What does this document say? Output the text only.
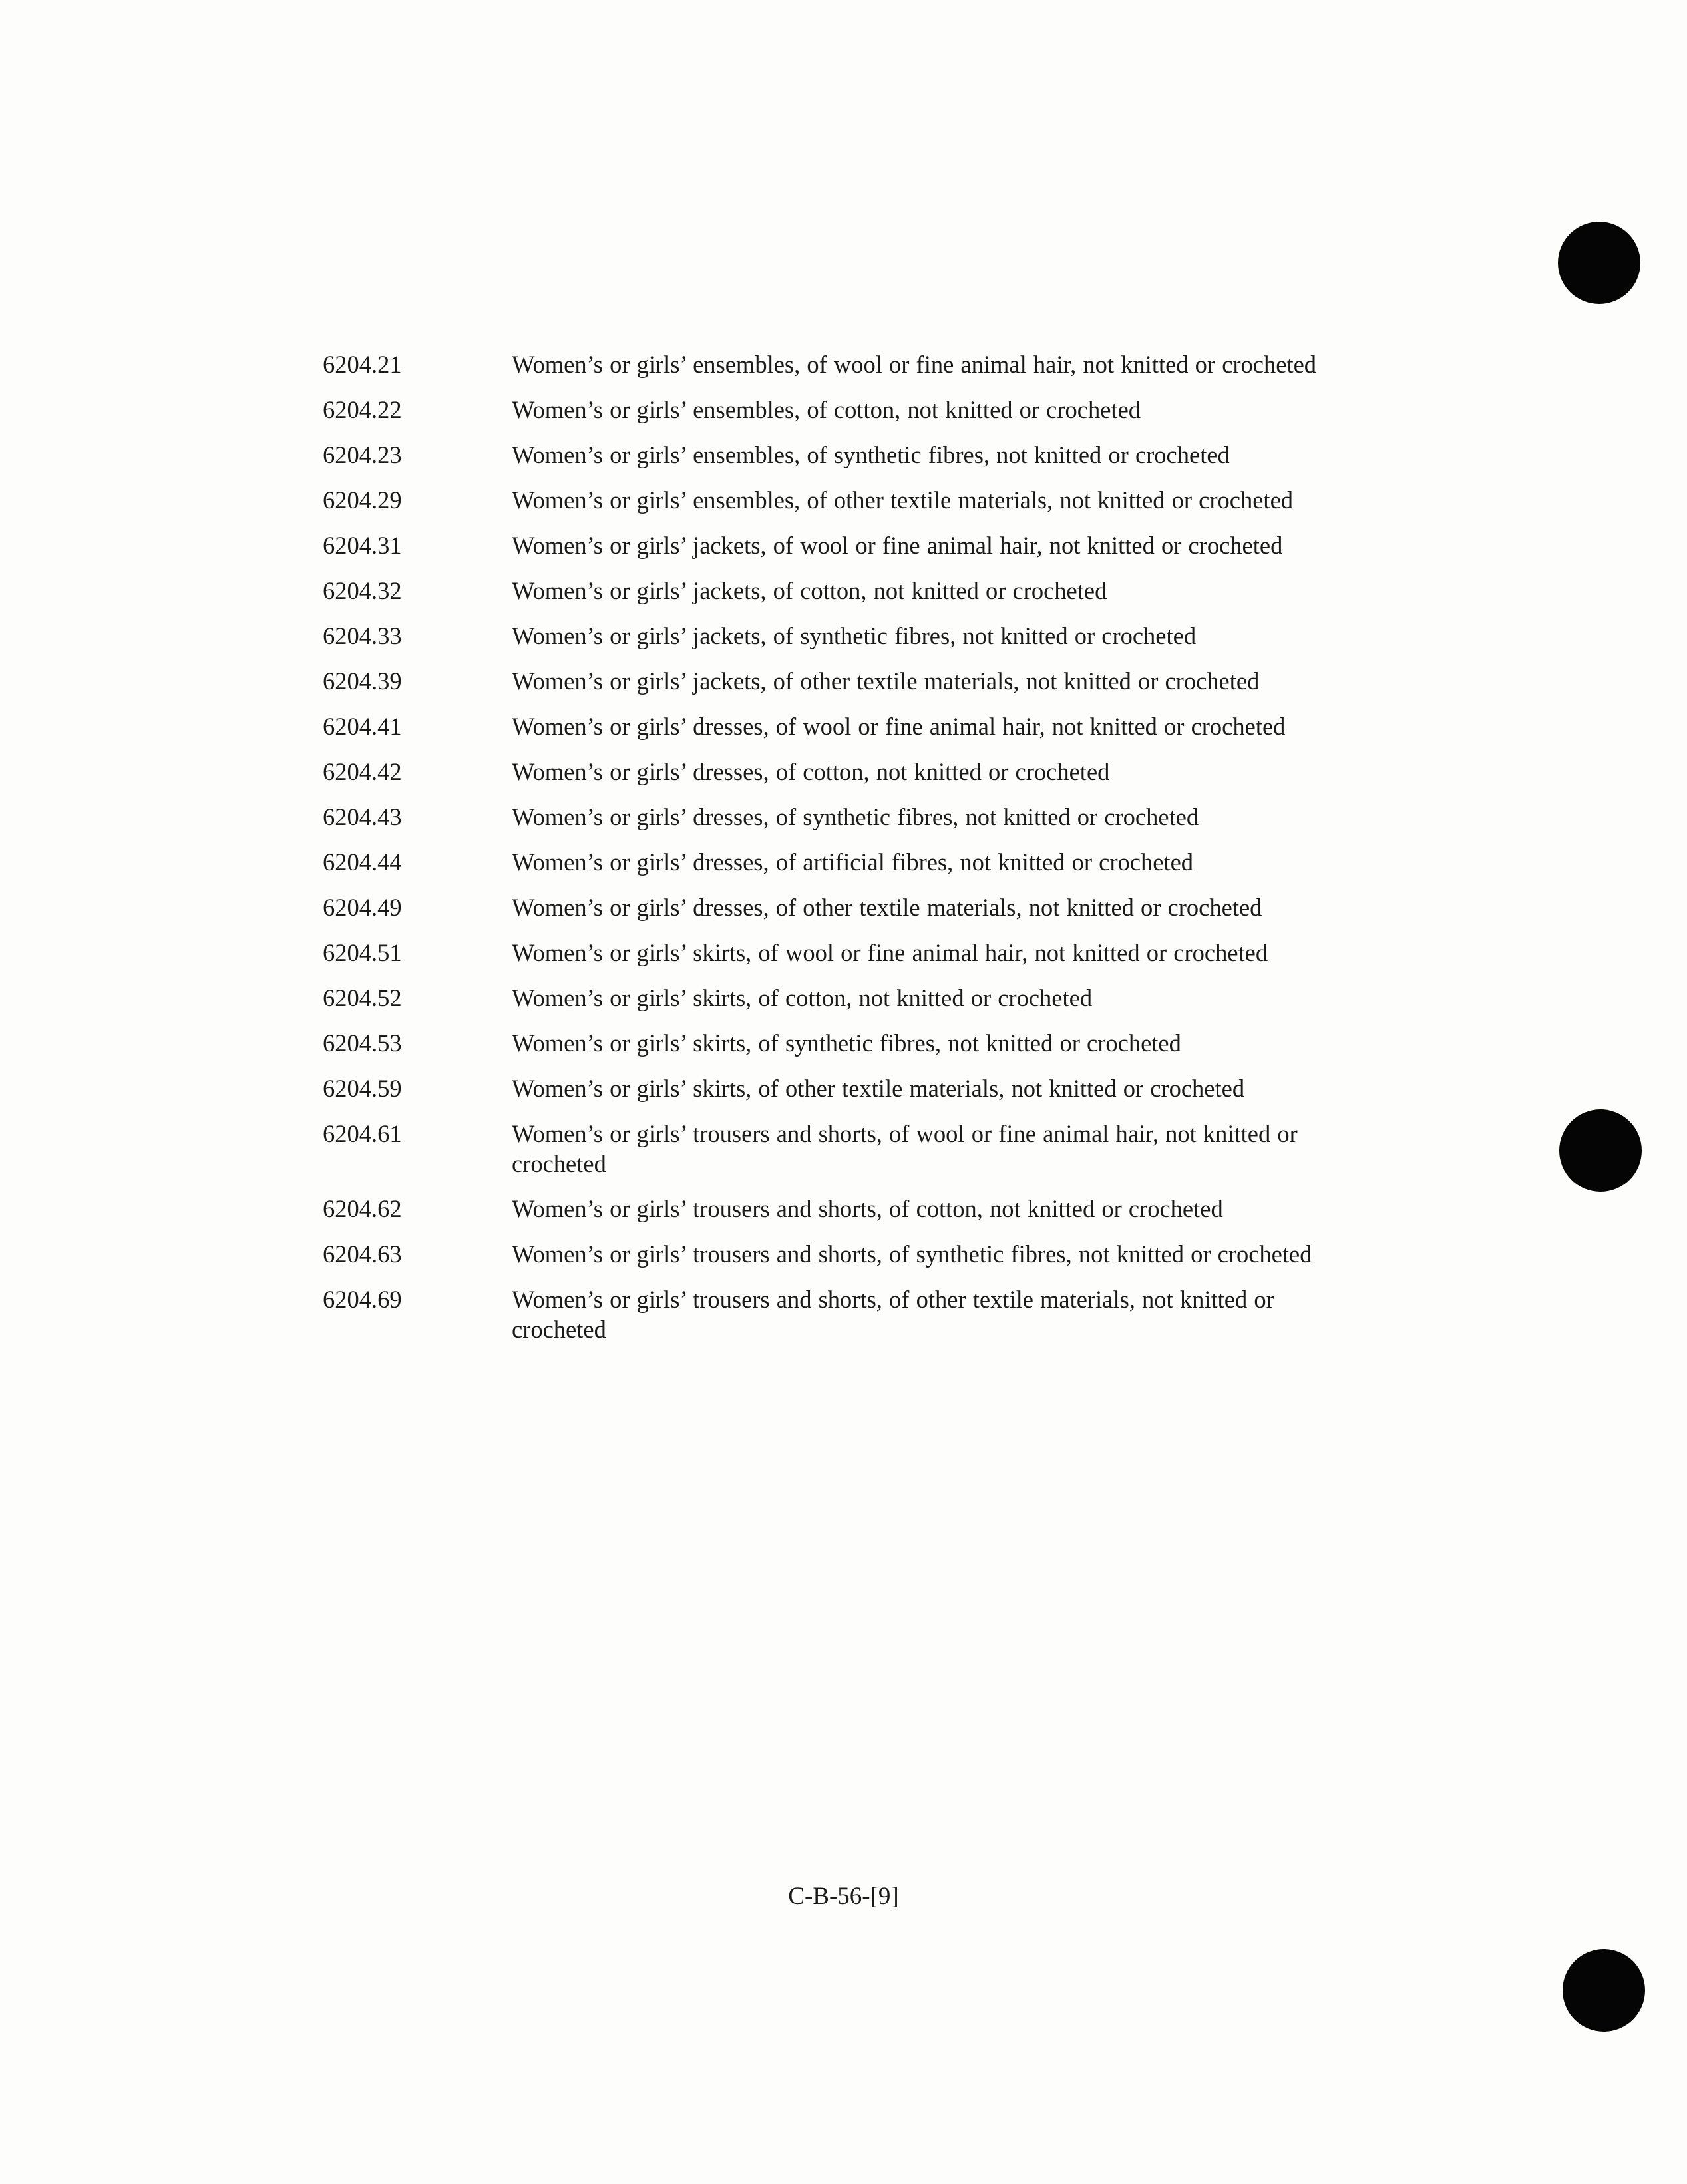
6204.21	Women’s or girls’ ensembles, of wool or fine animal hair, not knitted or crocheted
6204.22	Women’s or girls’ ensembles, of cotton, not knitted or crocheted
6204.23	Women’s or girls’ ensembles, of synthetic fibres, not knitted or crocheted
6204.29	Women’s or girls’ ensembles, of other textile materials, not knitted or crocheted
6204.31	Women’s or girls’ jackets, of wool or fine animal hair, not knitted or crocheted
6204.32	Women’s or girls’ jackets, of cotton, not knitted or crocheted
6204.33	Women’s or girls’ jackets, of synthetic fibres, not knitted or crocheted
6204.39	Women’s or girls’ jackets, of other textile materials, not knitted or crocheted
6204.41	Women’s or girls’ dresses, of wool or fine animal hair, not knitted or crocheted
6204.42	Women’s or girls’ dresses, of cotton, not knitted or crocheted
6204.43	Women’s or girls’ dresses, of synthetic fibres, not knitted or crocheted
6204.44	Women’s or girls’ dresses, of artificial fibres, not knitted or crocheted
6204.49	Women’s or girls’ dresses, of other textile materials, not knitted or crocheted
6204.51	Women’s or girls’ skirts, of wool or fine animal hair, not knitted or crocheted
6204.52	Women’s or girls’ skirts, of cotton, not knitted or crocheted
6204.53	Women’s or girls’ skirts, of synthetic fibres, not knitted or crocheted
6204.59	Women’s or girls’ skirts, of other textile materials, not knitted or crocheted
6204.61	Women’s or girls’ trousers and shorts, of wool or fine animal hair, not knitted or crocheted
6204.62	Women’s or girls’ trousers and shorts, of cotton, not knitted or crocheted
6204.63	Women’s or girls’ trousers and shorts, of synthetic fibres, not knitted or crocheted
6204.69	Women’s or girls’ trousers and shorts, of other textile materials, not knitted or crocheted
C-B-56-[9]
